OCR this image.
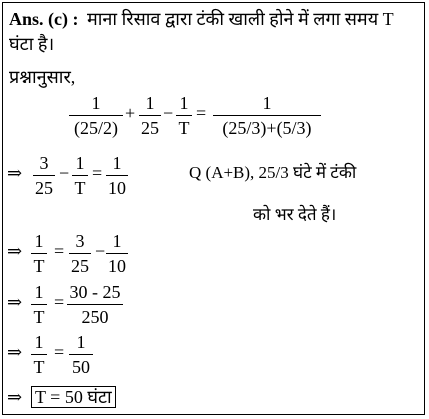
Ans. (c) : माना रिसाव द्वारा टंकी खाली होने में लगा समय T
घंटा है।
प्रश्नानुसार,
1
(25/2)
+ 1
25
− 1
T
=	1
(25/3)+(5/3)
⇒ 3
25
− 1
T
= 1
10
Q (A+B), 25/3 घंटे में टंकी
को भर देते हैं।
⇒ 1
T
= 3
25
− 1
10
⇒ 1
T
= 30 - 25
250
⇒ 1
T
= 1
50
⇒ T = 50 घंटा
